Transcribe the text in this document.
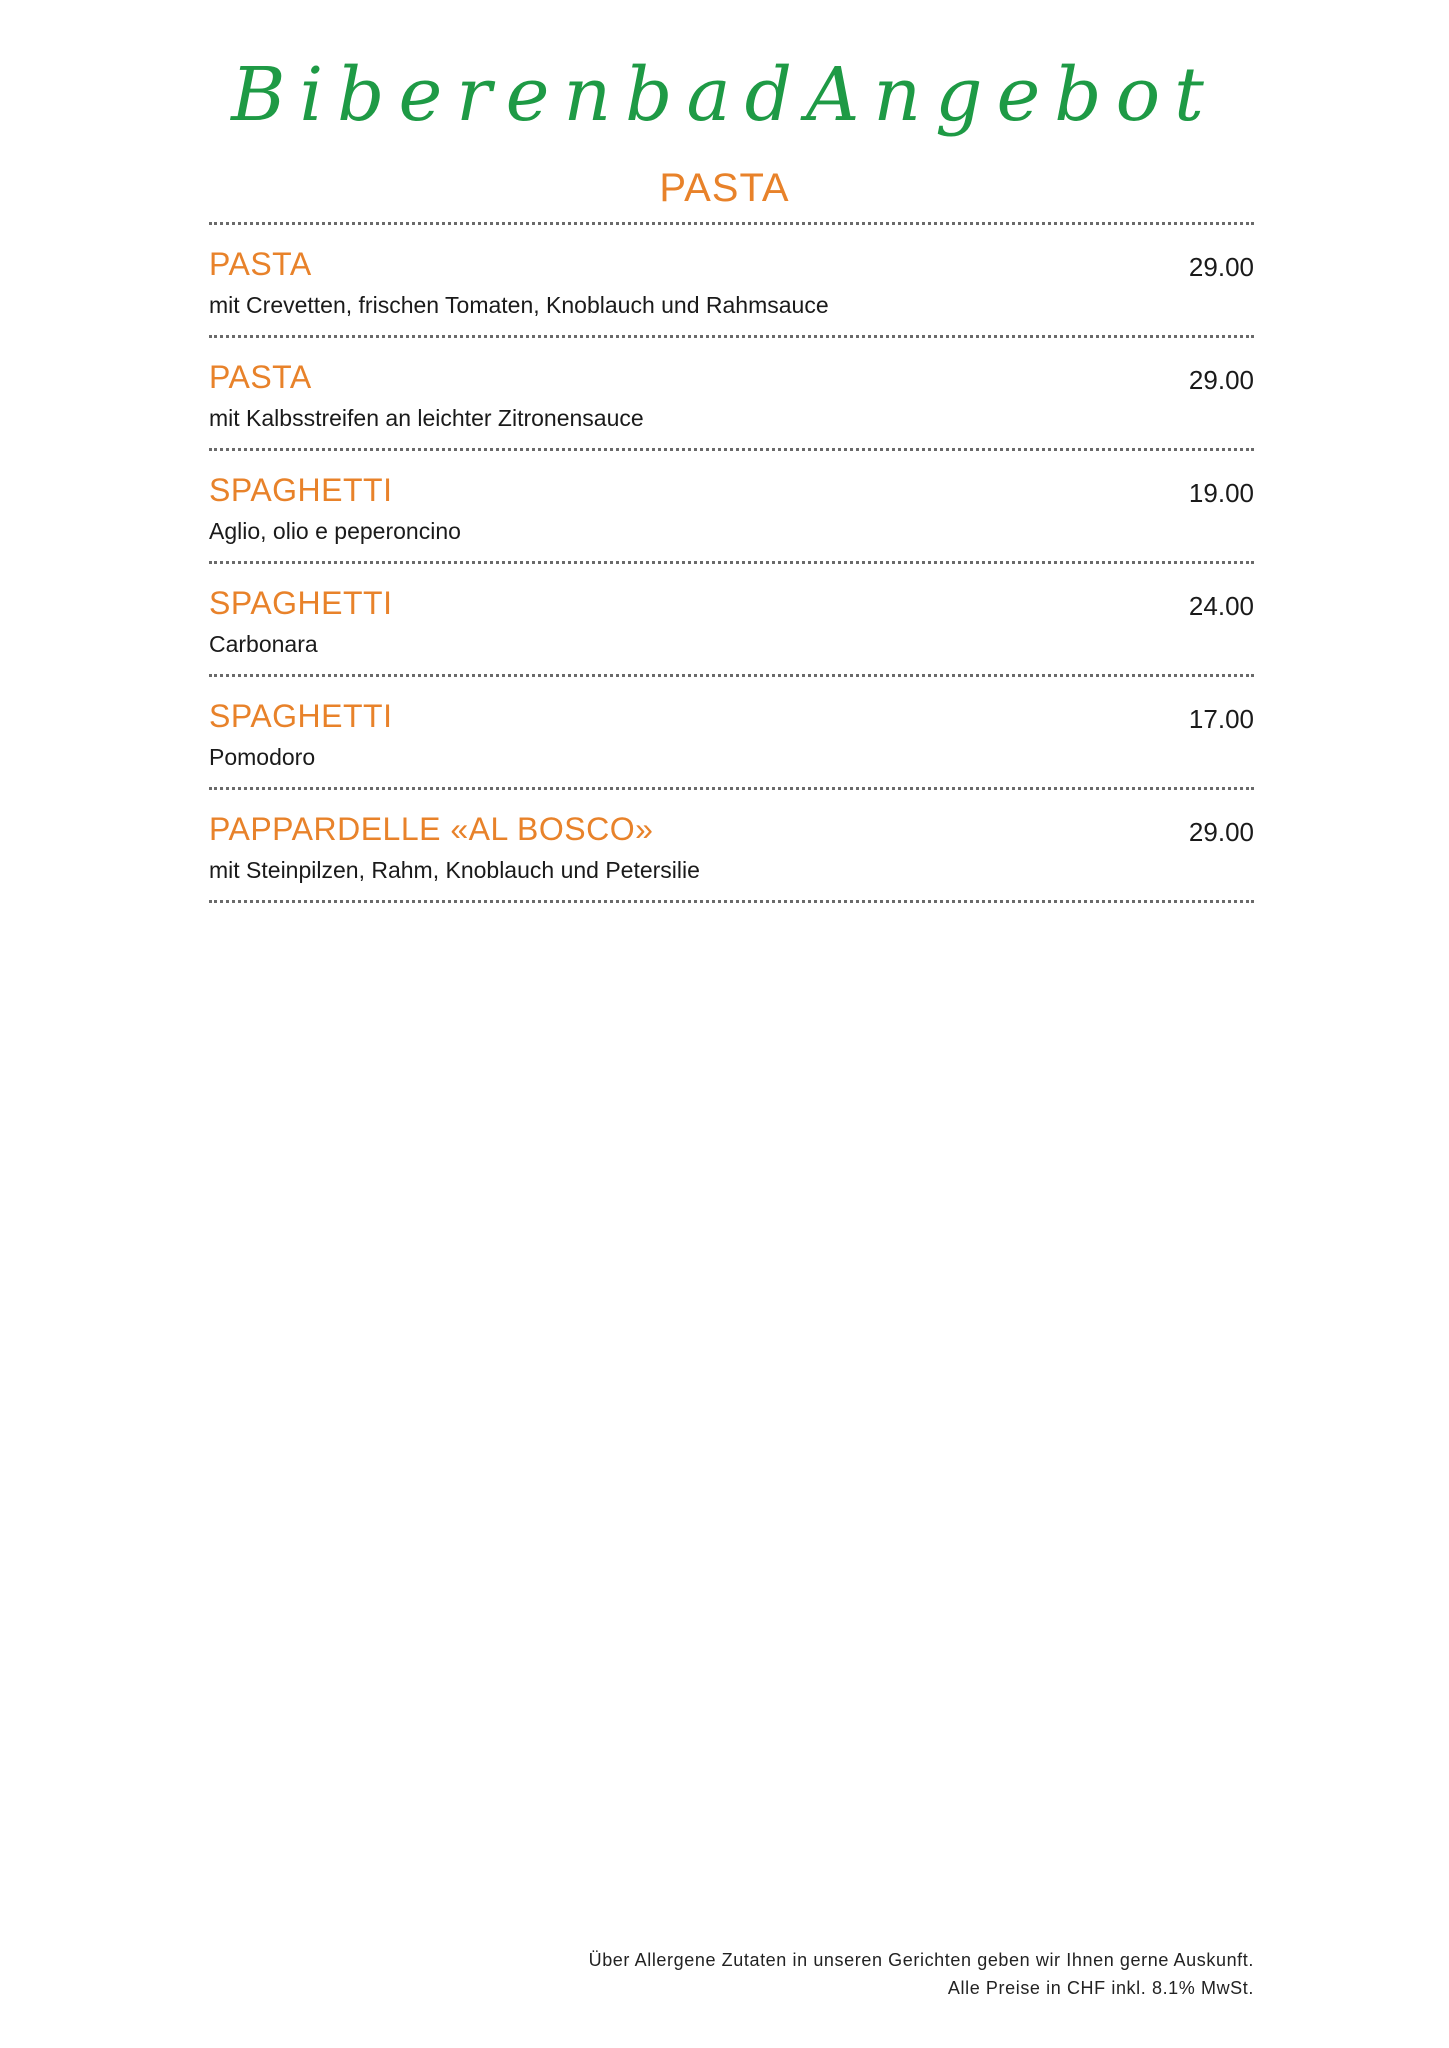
BiberenbadAngebot
PASTA
PASTA	29.00
mit Crevetten, frischen Tomaten, Knoblauch und Rahmsauce
PASTA	29.00
mit Kalbsstreifen an leichter Zitronensauce
SPAGHETTI	19.00
Aglio, olio e peperoncino
SPAGHETTI	24.00
Carbonara
SPAGHETTI	17.00
Pomodoro
PAPPARDELLE «AL BOSCO»	29.00
mit Steinpilzen, Rahm, Knoblauch und Petersilie
Über Allergene Zutaten in unseren Gerichten geben wir Ihnen gerne Auskunft.
Alle Preise in CHF inkl. 8.1% MwSt.
